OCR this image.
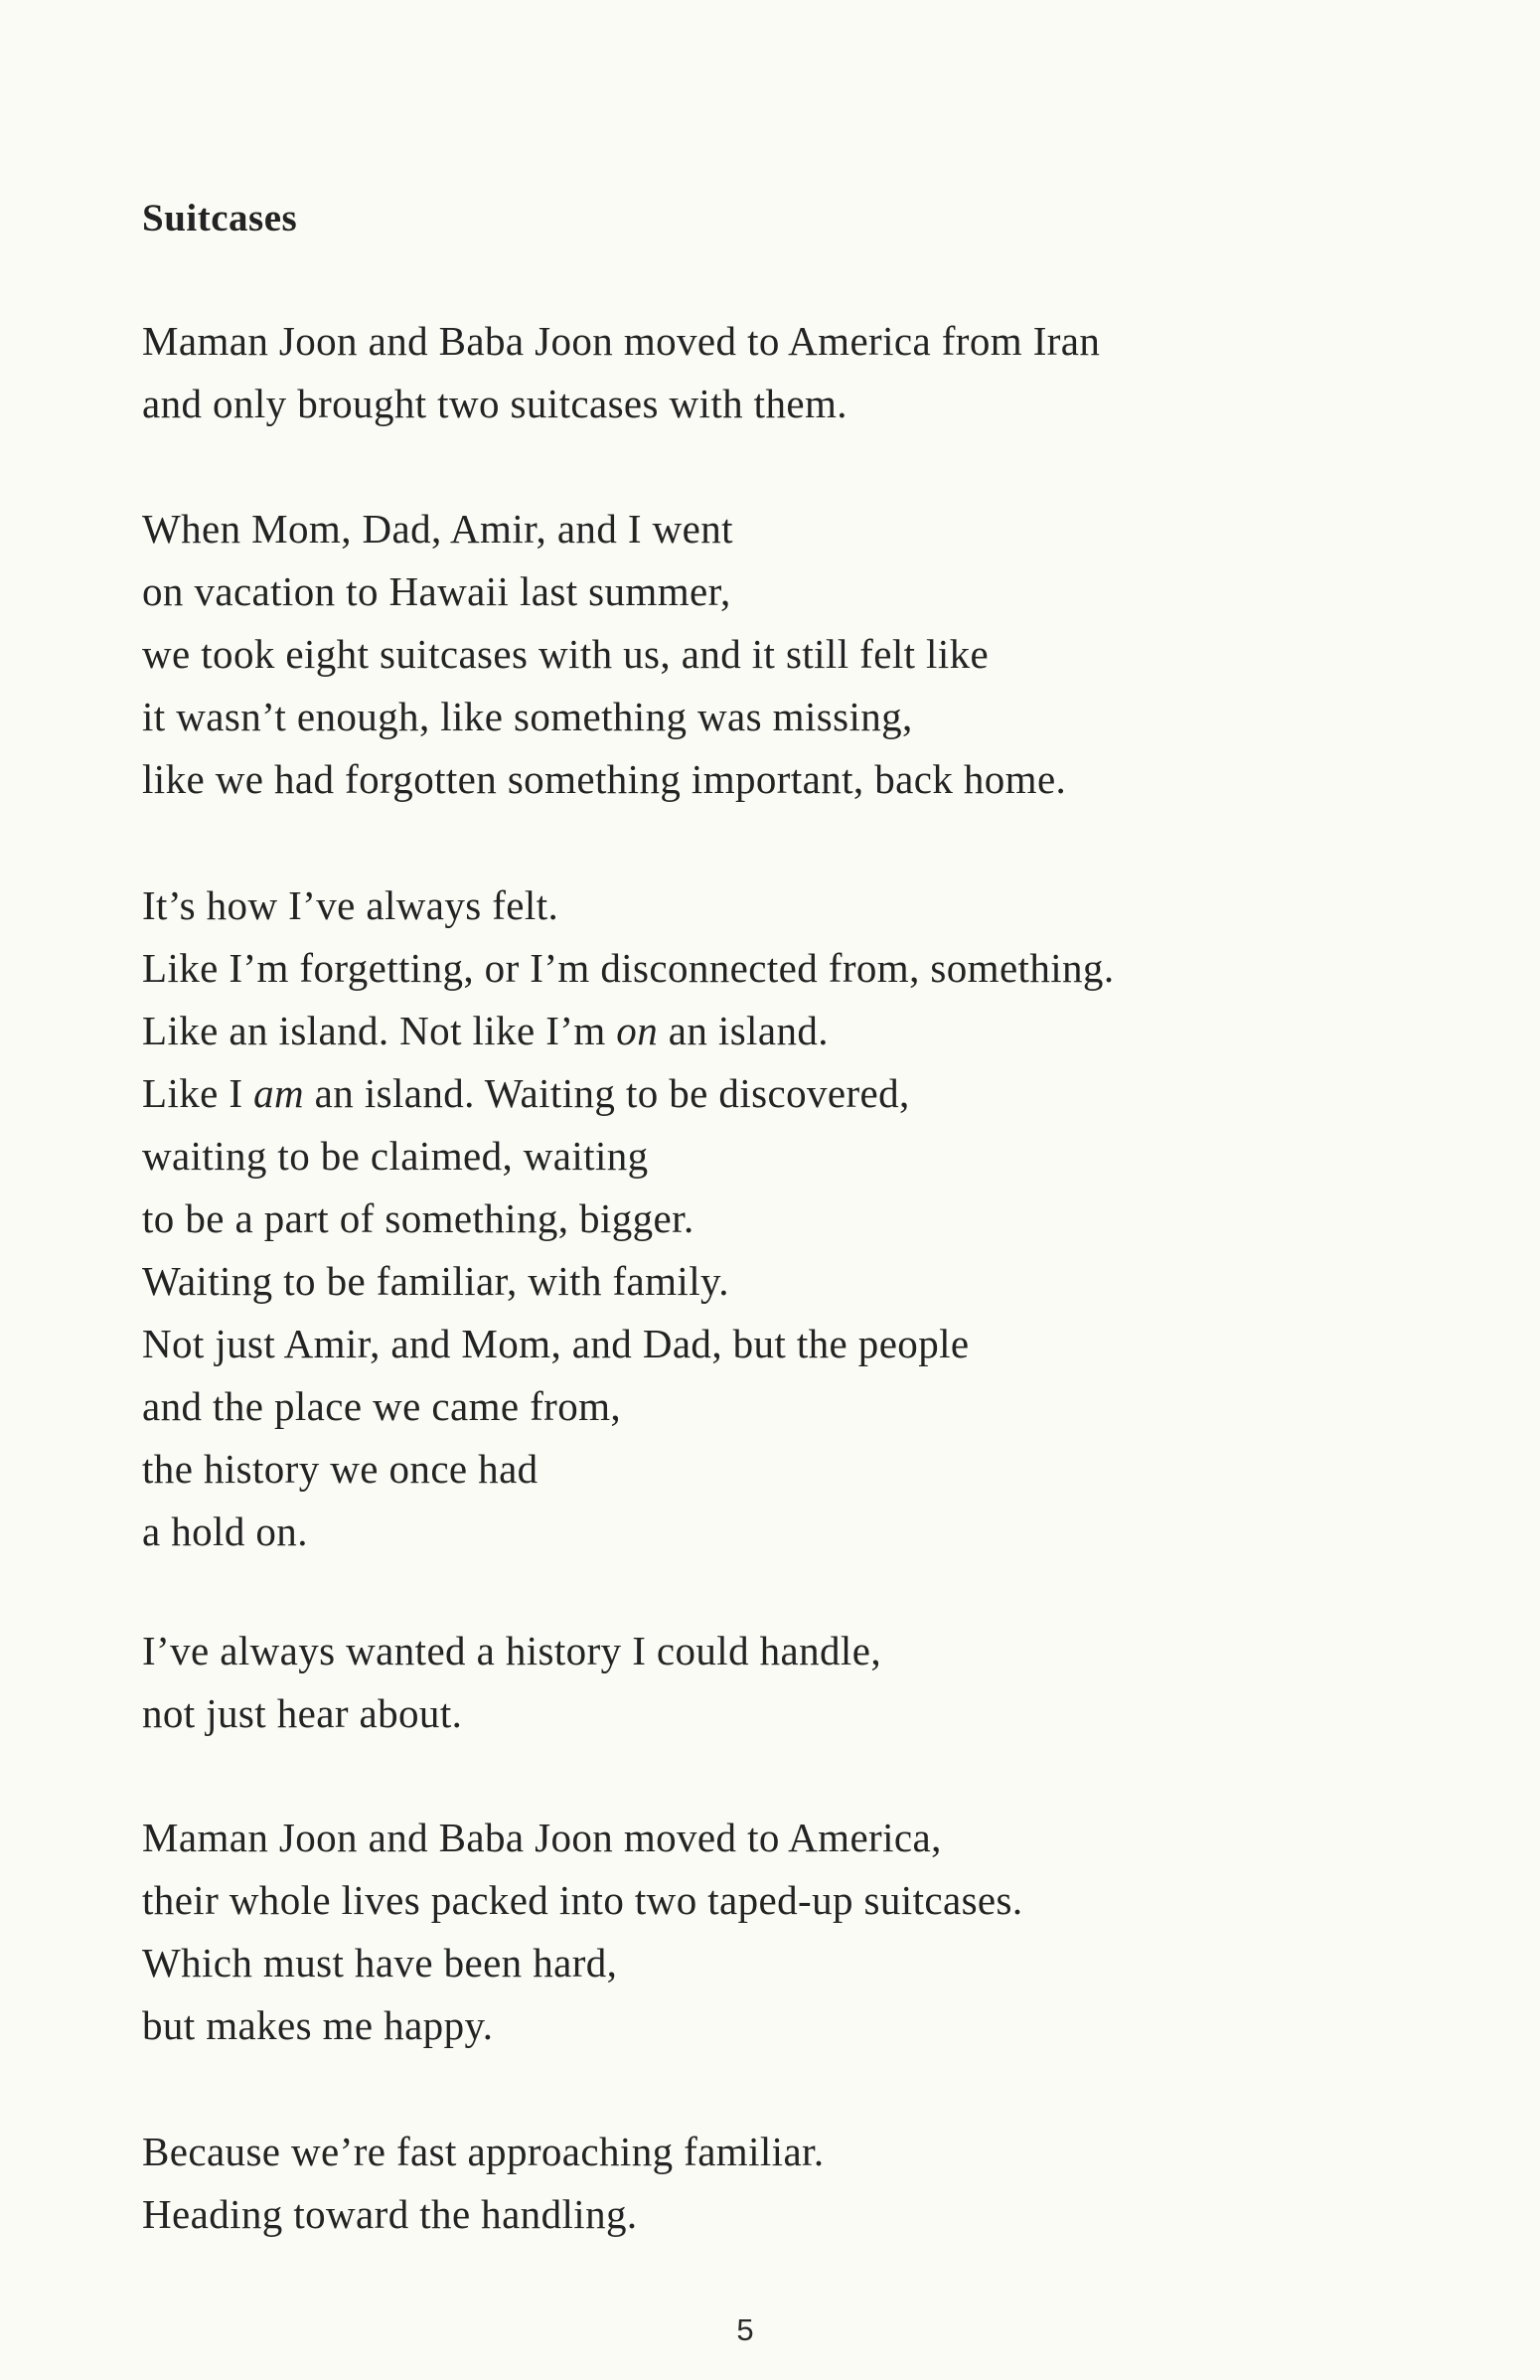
Suitcases
Maman Joon and Baba Joon moved to America from Iran
and only brought two suitcases with them.
When Mom, Dad, Amir, and I went
on vacation to Hawaii last summer,
we took eight suitcases with us, and it still felt like
it wasn’t enough, like something was missing,
like we had forgotten something important, back home.
It’s how I’ve always felt.
Like I’m forgetting, or I’m disconnected from, something.
Like an island. Not like I’m on an island.
Like I am an island. Waiting to be discovered,
waiting to be claimed, waiting
to be a part of something, bigger.
Waiting to be familiar, with family.
Not just Amir, and Mom, and Dad, but the people
and the place we came from,
the history we once had
a hold on.
I’ve always wanted a history I could handle,
not just hear about.
Maman Joon and Baba Joon moved to America,
their whole lives packed into two taped-up suitcases.
Which must have been hard,
but makes me happy.
Because we’re fast approaching familiar.
Heading toward the handling.
5
